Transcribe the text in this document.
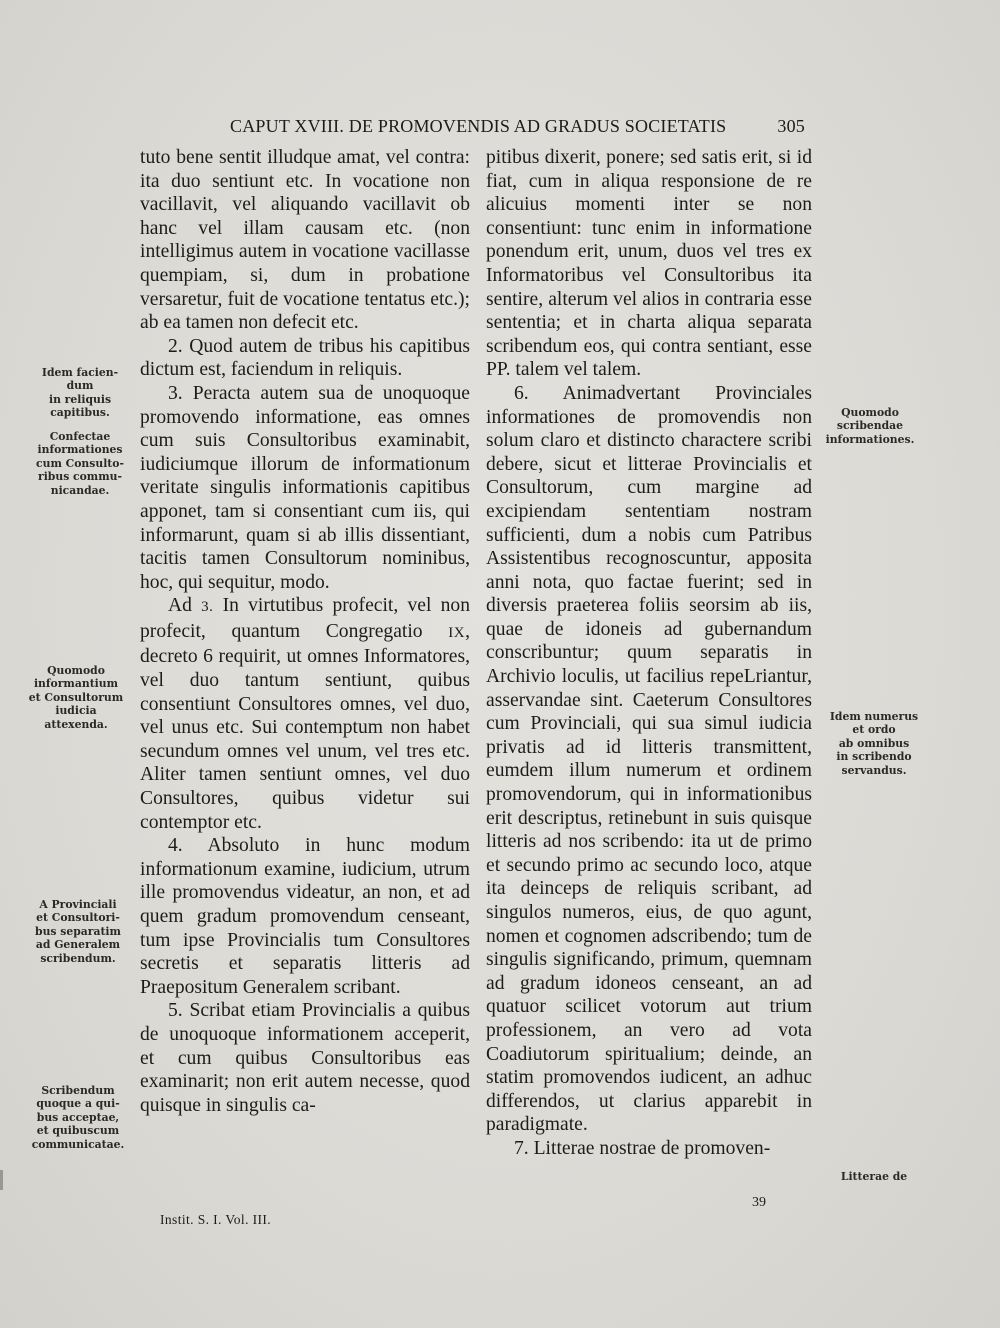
CAPUT XVIII. DE PROMOVENDIS AD GRADUS SOCIETATIS	305

tuto bene sentit illudque amat, vel contra: ita duo sentiunt etc. In vocatione non vacillavit, vel aliquando vacillavit ob hanc vel illam causam etc. (non intelligimus autem in vocatione vacillasse quempiam, si, dum in probatione versaretur, fuit de vocatione tentatus etc.); ab ea tamen non defecit etc.

2. Quod autem de tribus his capitibus dictum est, faciendum in reliquis.

3. Peracta autem sua de unoquoque promovendo informatione, eas omnes cum suis Consultoribus examinabit, iudiciumque illorum de informationum veritate singulis informationis capitibus apponet, tam si consentiant cum iis, qui informarunt, quam si ab illis dissentiant, tacitis tamen Consultorum nominibus, hoc, qui sequitur, modo.

Ad 3. In virtutibus profecit, vel non profecit, quantum Congregatio IX, decreto 6 requirit, ut omnes Informatores, vel duo tantum sentiunt, quibus consentiunt Consultores omnes, vel duo, vel unus etc. Sui contemptum non habet secundum omnes vel unum, vel tres etc. Aliter tamen sentiunt omnes, vel duo Consultores, quibus videtur sui contemptor etc.

4. Absoluto in hunc modum informationum examine, iudicium, utrum ille promovendus videatur, an non, et ad quem gradum promovendum censeant, tum ipse Provincialis tum Consultores secretis et separatis litteris ad Praepositum Generalem scribant.

5. Scribat etiam Provincialis a quibus de unoquoque informationem acceperit, et cum quibus Consultoribus eas examinarit; non erit autem necesse, quod quisque in singulis ca-

pitibus dixerit, ponere; sed satis erit, si id fiat, cum in aliqua responsione de re alicuius momenti inter se non consentiunt: tunc enim in informatione ponendum erit, unum, duos vel tres ex Informatoribus vel Consultoribus ita sentire, alterum vel alios in contraria esse sententia; et in charta aliqua separata scribendum eos, qui contra sentiant, esse PP. talem vel talem.

6. Animadvertant Provinciales informationes de promovendis non solum claro et distincto charactere scribi debere, sicut et litterae Provincialis et Consultorum, cum margine ad excipiendam sententiam nostram sufficienti, dum a nobis cum Patribus Assistentibus recognoscuntur, apposita anni nota, quo factae fuerint; sed in diversis praeterea foliis seorsim ab iis, quae de idoneis ad gubernandum conscribuntur; quum separatis in Archivio loculis, ut facilius repeLriantur, asservandae sint. Caeterum Consultores cum Provinciali, qui sua simul iudicia privatis ad id litteris transmittent, eumdem illum numerum et ordinem promovendorum, qui in informationibus erit descriptus, retinebunt in suis quisque litteris ad nos scribendo: ita ut de primo et secundo primo ac secundo loco, atque ita deinceps de reliquis scribant, ad singulos numeros, eius, de quo agunt, nomen et cognomen adscribendo; tum de singulis significando, primum, quemnam ad gradum idoneos censeant, an ad quatuor scilicet votorum aut trium professionem, an vero ad vota Coadiutorum spiritualium; deinde, an statim promovendos iudicent, an adhuc differendos, ut clarius apparebit in paradigmate.

7. Litterae nostrae de promoven-

Idem facien-
dum
in reliquis
capitibus.
Confectae
informationes
cum Consulto-
ribus commu-
nicandae.
Quomodo
informantium
et Consultorum
iudicia
attexenda.
A Provinciali
et Consultori-
bus separatim
ad Generalem
scribendum.
Scribendum
quoque a qui-
bus acceptae,
et quibuscum
communicatae.
Quomodo
scribendae
informationes.
Idem numerus
et ordo
ab omnibus
in scribendo
servandus.
Litterae de
Instit. S. I. Vol. III.
39
